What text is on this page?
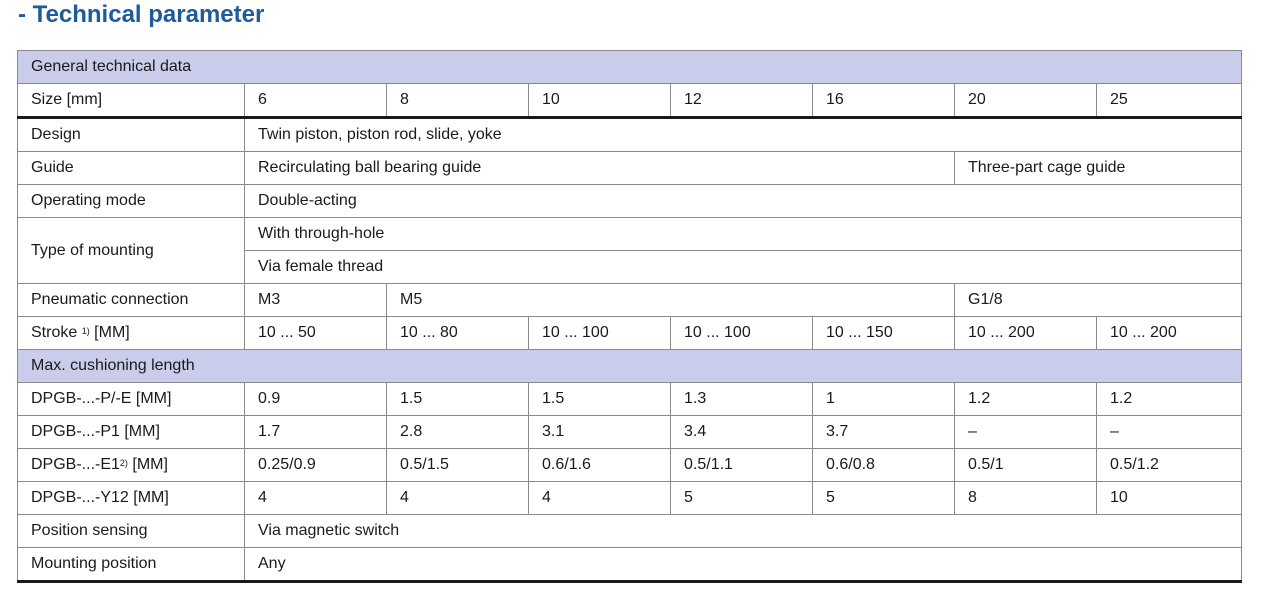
- Technical parameter
General technical data							
Size [mm]	6	8	10	12	16	20	25
Design	Twin piston, piston rod, slide, yoke						
Guide	Recirculating ball bearing guide					Three-part cage guide	
Operating mode	Double-acting						
Type of mounting	With through-hole						
	Via female thread						
Pneumatic connection	M3	M5				G1/8	
Stroke $^{1)}$ [MM]	10 ... 50	10 ... 80	10 ... 100	10 ... 100	10 ... 150	10 ... 200	10 ... 200
Max. cushioning length							
DPGB-...-P/-E [MM]	0.9	1.5	1.5	1.3	1	1.2	1.2
DPGB-...-P1 [MM]	1.7	2.8	3.1	3.4	3.7	–	–
DPGB-...-E1$^{2)}$ [MM]	0.25/0.9	0.5/1.5	0.6/1.6	0.5/1.1	0.6/0.8	0.5/1	0.5/1.2
DPGB-...-Y12 [MM]	4	4	4	5	5	8	10
Position sensing	Via magnetic switch						
Mounting position	Any						
